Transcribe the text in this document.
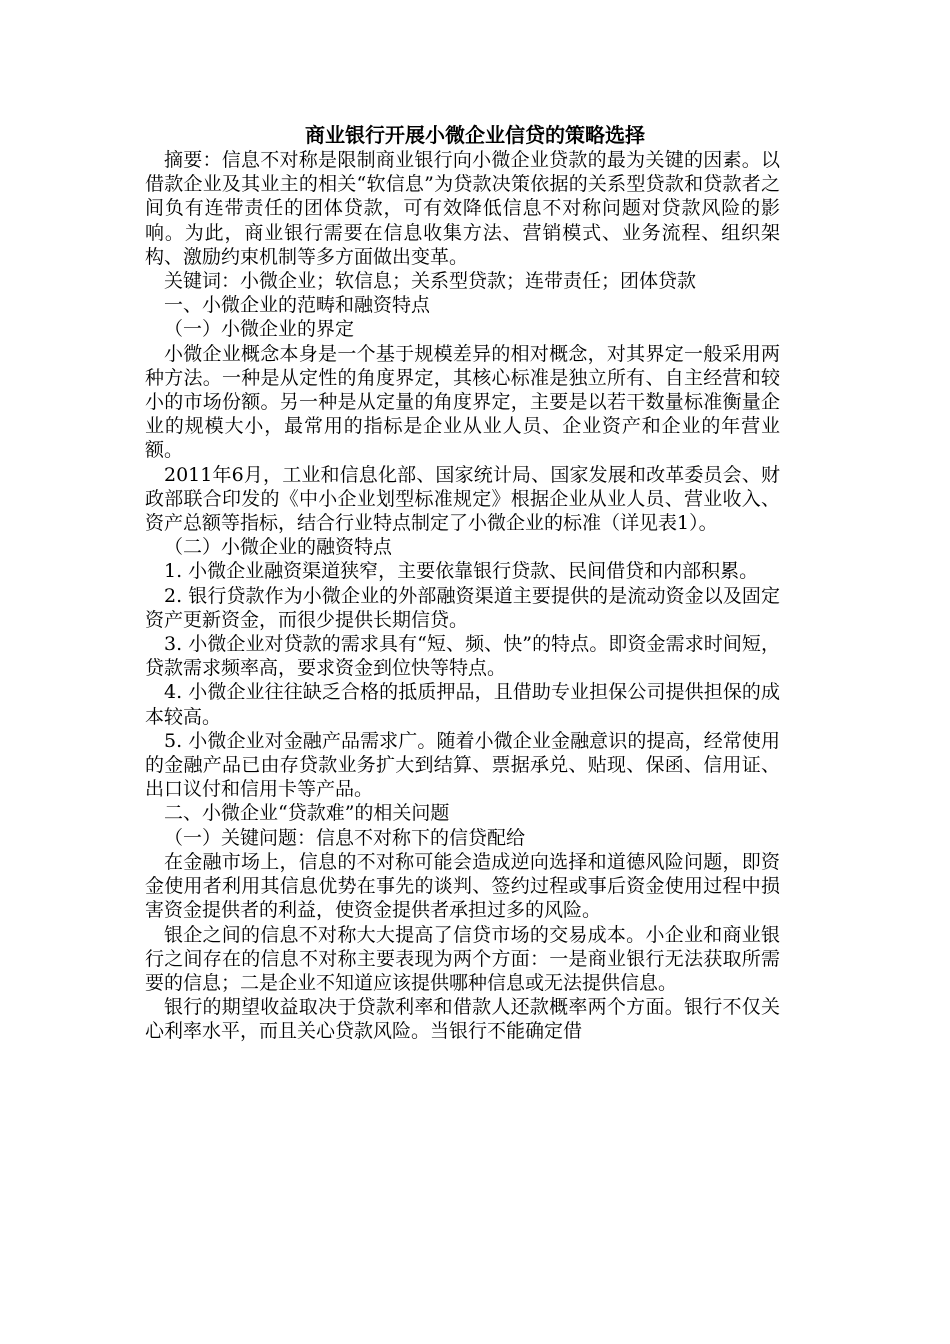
商业银行开展小微企业信贷的策略选择

摘要：信息不对称是限制商业银行向小微企业贷款的最为关键的因素。以借款企业及其业主的相关“软信息”为贷款决策依据的关系型贷款和贷款者之间负有连带责任的团体贷款，可有效降低信息不对称问题对贷款风险的影响。为此，商业银行需要在信息收集方法、营销模式、业务流程、组织架构、激励约束机制等多方面做出变革。

关键词：小微企业；软信息；关系型贷款；连带责任；团体贷款

一、小微企业的范畴和融资特点

（一）小微企业的界定

小微企业概念本身是一个基于规模差异的相对概念，对其界定一般采用两种方法。一种是从定性的角度界定，其核心标准是独立所有、自主经营和较小的市场份额。另一种是从定量的角度界定，主要是以若干数量标准衡量企业的规模大小，最常用的指标是企业从业人员、企业资产和企业的年营业额。

2011年6月，工业和信息化部、国家统计局、国家发展和改革委员会、财政部联合印发的《中小企业划型标准规定》根据企业从业人员、营业收入、资产总额等指标，结合行业特点制定了小微企业的标准（详见表1）。

（二）小微企业的融资特点

1. 小微企业融资渠道狭窄，主要依靠银行贷款、民间借贷和内部积累。

2. 银行贷款作为小微企业的外部融资渠道主要提供的是流动资金以及固定资产更新资金，而很少提供长期信贷。

3. 小微企业对贷款的需求具有“短、频、快”的特点。即资金需求时间短，贷款需求频率高，要求资金到位快等特点。

4. 小微企业往往缺乏合格的抵质押品，且借助专业担保公司提供担保的成本较高。

5. 小微企业对金融产品需求广。随着小微企业金融意识的提高，经常使用的金融产品已由存贷款业务扩大到结算、票据承兑、贴现、保函、信用证、出口议付和信用卡等产品。

二、小微企业“贷款难”的相关问题

（一）关键问题：信息不对称下的信贷配给

在金融市场上，信息的不对称可能会造成逆向选择和道德风险问题，即资金使用者利用其信息优势在事先的谈判、签约过程或事后资金使用过程中损害资金提供者的利益，使资金提供者承担过多的风险。

银企之间的信息不对称大大提高了信贷市场的交易成本。小企业和商业银行之间存在的信息不对称主要表现为两个方面：一是商业银行无法获取所需要的信息；二是企业不知道应该提供哪种信息或无法提供信息。

银行的期望收益取决于贷款利率和借款人还款概率两个方面。银行不仅关心利率水平，而且关心贷款风险。当银行不能确定借
